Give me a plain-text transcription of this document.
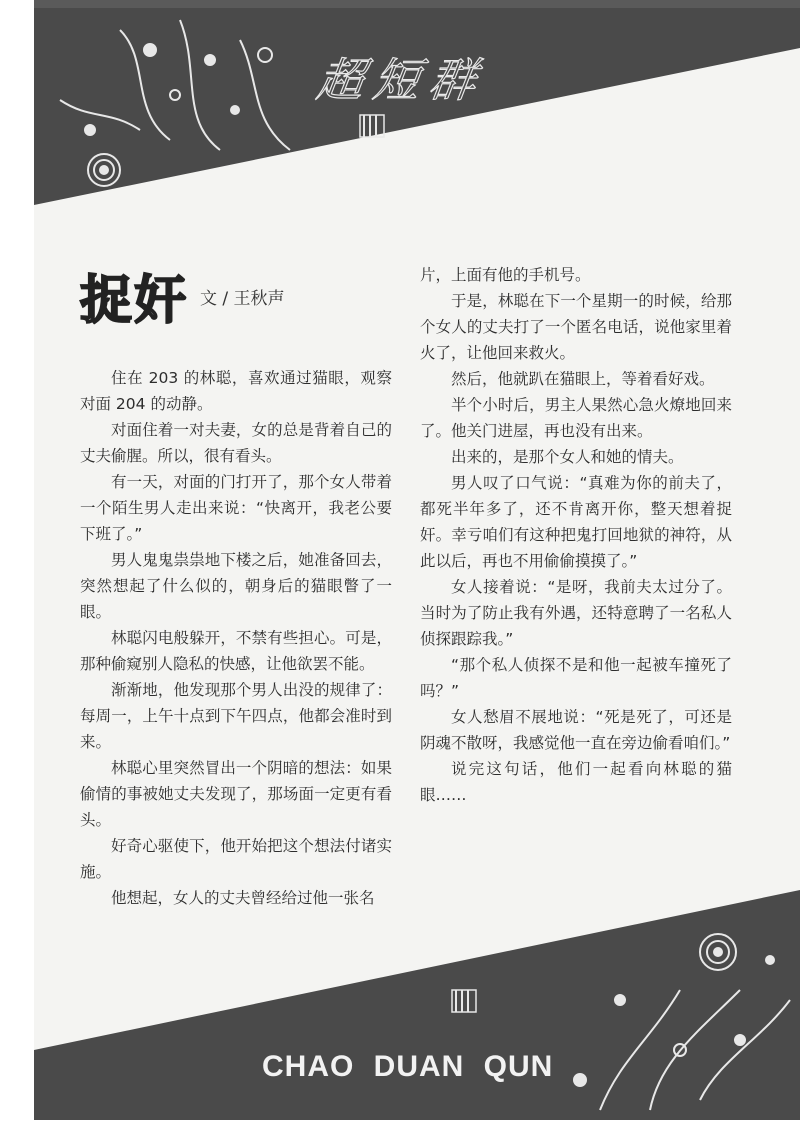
超短群
捉奸 文 / 王秋声

住在 203 的林聪，喜欢通过猫眼，观察对面 204 的动静。

对面住着一对夫妻，女的总是背着自己的丈夫偷腥。所以，很有看头。

有一天，对面的门打开了，那个女人带着一个陌生男人走出来说：“快离开，我老公要下班了。”

男人鬼鬼祟祟地下楼之后，她准备回去，突然想起了什么似的，朝身后的猫眼瞥了一眼。

林聪闪电般躲开，不禁有些担心。可是，那种偷窥别人隐私的快感，让他欲罢不能。

渐渐地，他发现那个男人出没的规律了：每周一，上午十点到下午四点，他都会准时到来。

林聪心里突然冒出一个阴暗的想法：如果偷情的事被她丈夫发现了，那场面一定更有看头。

好奇心驱使下，他开始把这个想法付诸实施。

他想起，女人的丈夫曾经给过他一张名

片，上面有他的手机号。

于是，林聪在下一个星期一的时候，给那个女人的丈夫打了一个匿名电话，说他家里着火了，让他回来救火。

然后，他就趴在猫眼上，等着看好戏。

半个小时后，男主人果然心急火燎地回来了。他关门进屋，再也没有出来。

出来的，是那个女人和她的情夫。

男人叹了口气说：“真难为你的前夫了，都死半年多了，还不肯离开你，整天想着捉奸。幸亏咱们有这种把鬼打回地狱的神符，从此以后，再也不用偷偷摸摸了。”

女人接着说：“是呀，我前夫太过分了。当时为了防止我有外遇，还特意聘了一名私人侦探跟踪我。”

“那个私人侦探不是和他一起被车撞死了吗？”

女人愁眉不展地说：“死是死了，可还是阴魂不散呀，我感觉他一直在旁边偷看咱们。”

说完这句话，他们一起看向林聪的猫眼……

CHAO DUAN QUN
